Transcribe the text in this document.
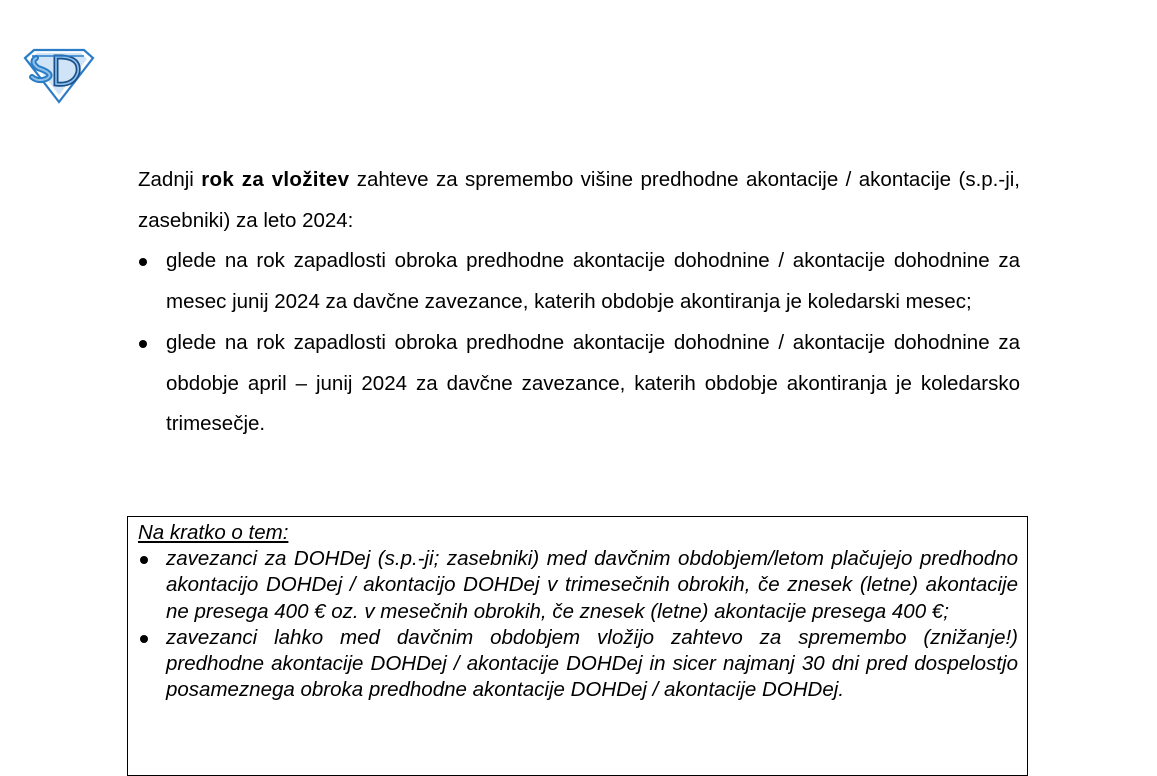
Zadnji rok za vložitev zahteve za spremembo višine predhodne akontacije / akontacije (s.p.-ji, zasebniki) za leto 2024:

glede na rok zapadlosti obroka predhodne akontacije dohodnine / akontacije dohodnine za mesec junij 2024 za davčne zavezance, katerih obdobje akontiranja je koledarski mesec;
glede na rok zapadlosti obroka predhodne akontacije dohodnine / akontacije dohodnine za obdobje april – junij 2024 za davčne zavezance, katerih obdobje akontiranja je koledarsko trimesečje.

Na kratko o tem:

zavezanci za DOHDej (s.p.-ji; zasebniki) med davčnim obdobjem/letom plačujejo predhodno akontacijo DOHDej / akontacijo DOHDej v trimesečnih obrokih, če znesek (letne) akontacije ne presega 400 € oz. v mesečnih obrokih, če znesek (letne) akontacije presega 400 €;
zavezanci lahko med davčnim obdobjem vložijo zahtevo za spremembo (znižanje!) predhodne akontacije DOHDej / akontacije DOHDej in sicer najmanj 30 dni pred dospelostjo posameznega obroka predhodne akontacije DOHDej / akontacije DOHDej.
